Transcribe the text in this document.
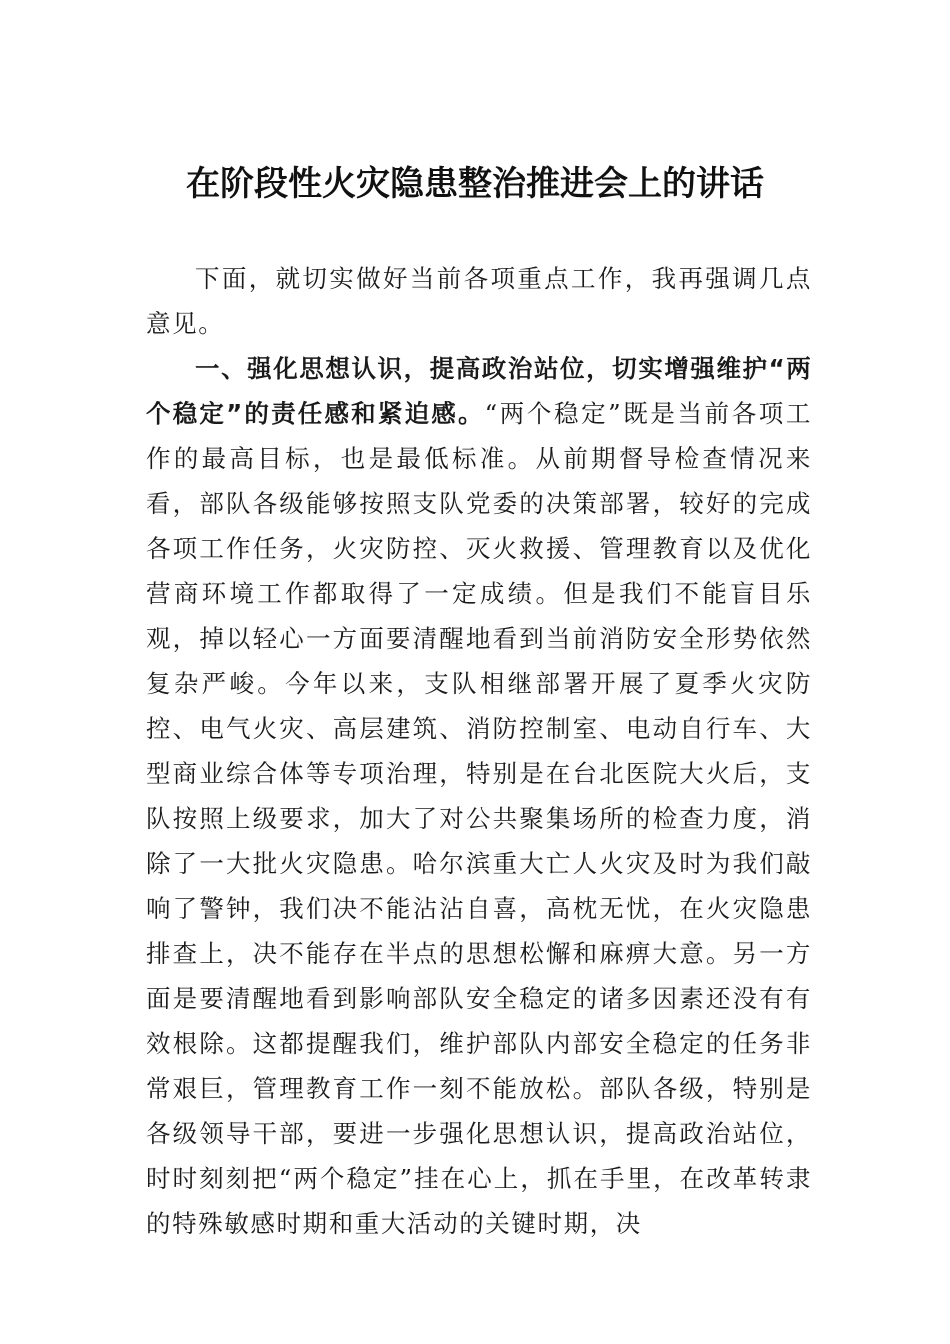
在阶段性火灾隐患整治推进会上的讲话

下面，就切实做好当前各项重点工作，我再强调几点意见。

一、强化思想认识，提高政治站位，切实增强维护“两个稳定”的责任感和紧迫感。“两个稳定”既是当前各项工作的最高目标，也是最低标准。从前期督导检查情况来看，部队各级能够按照支队党委的决策部署，较好的完成各项工作任务，火灾防控、灭火救援、管理教育以及优化营商环境工作都取得了一定成绩。但是我们不能盲目乐观，掉以轻心一方面要清醒地看到当前消防安全形势依然复杂严峻。今年以来，支队相继部署开展了夏季火灾防控、电气火灾、高层建筑、消防控制室、电动自行车、大型商业综合体等专项治理，特别是在台北医院大火后，支队按照上级要求，加大了对公共聚集场所的检查力度，消除了一大批火灾隐患。哈尔滨重大亡人火灾及时为我们敲响了警钟，我们决不能沾沾自喜，高枕无忧，在火灾隐患排查上，决不能存在半点的思想松懈和麻痹大意。另一方面是要清醒地看到影响部队安全稳定的诸多因素还没有有效根除。这都提醒我们，维护部队内部安全稳定的任务非常艰巨，管理教育工作一刻不能放松。部队各级，特别是各级领导干部，要进一步强化思想认识，提高政治站位，时时刻刻把“两个稳定”挂在心上，抓在手里，在改革转隶的特殊敏感时期和重大活动的关键时期，决
